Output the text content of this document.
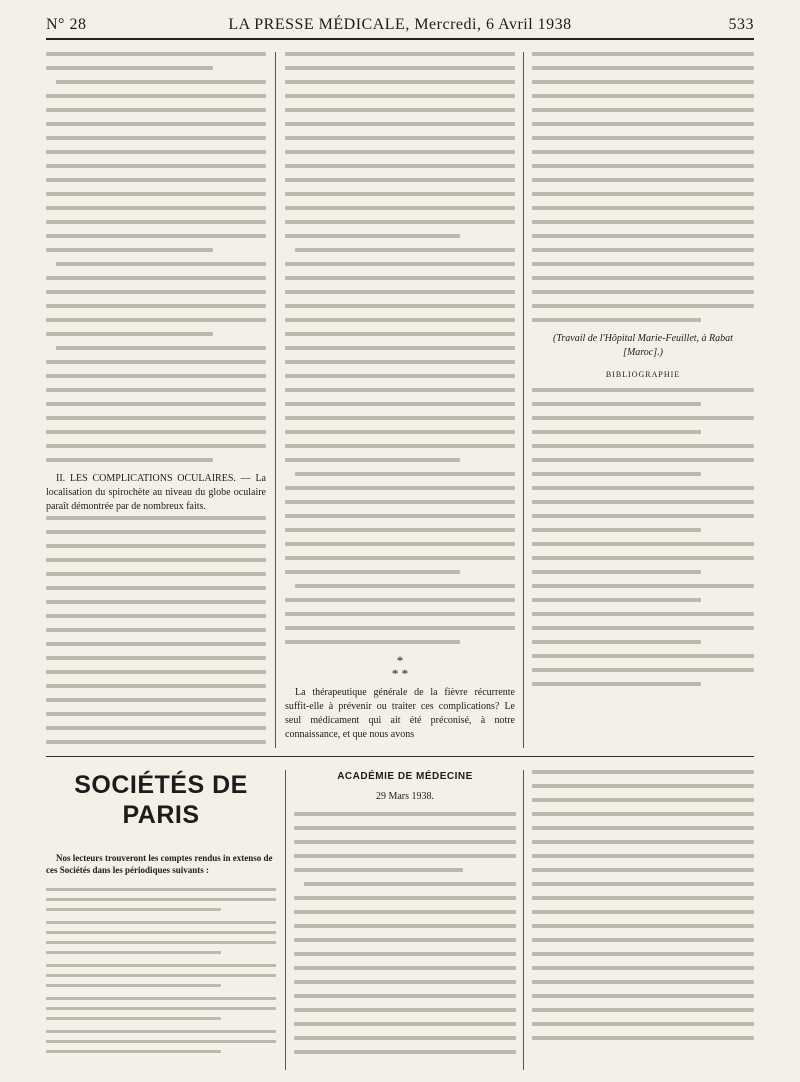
N° 28	LA PRESSE MÉDICALE, Mercredi, 6 Avril 1938	533

II. LES COMPLICATIONS OCULAIRES. — La localisation du spirochète au niveau du globe oculaire paraît démontrée par de nombreux faits.

*
* *

La thérapeutique générale de la fièvre récurrente suffit-elle à prévenir ou traiter ces complications? Le seul médicament qui ait été préconisé, à notre connaissance, et que nous avons

(Travail de l'Hôpital Marie-Feuillet, à Rabat [Maroc].)
BIBLIOGRAPHIE
SOCIÉTÉS DE PARIS
Nos lecteurs trouveront les comptes rendus in extenso de ces Sociétés dans les périodiques suivants :
ACADÉMIE DE MÉDECINE
29 Mars 1938.
